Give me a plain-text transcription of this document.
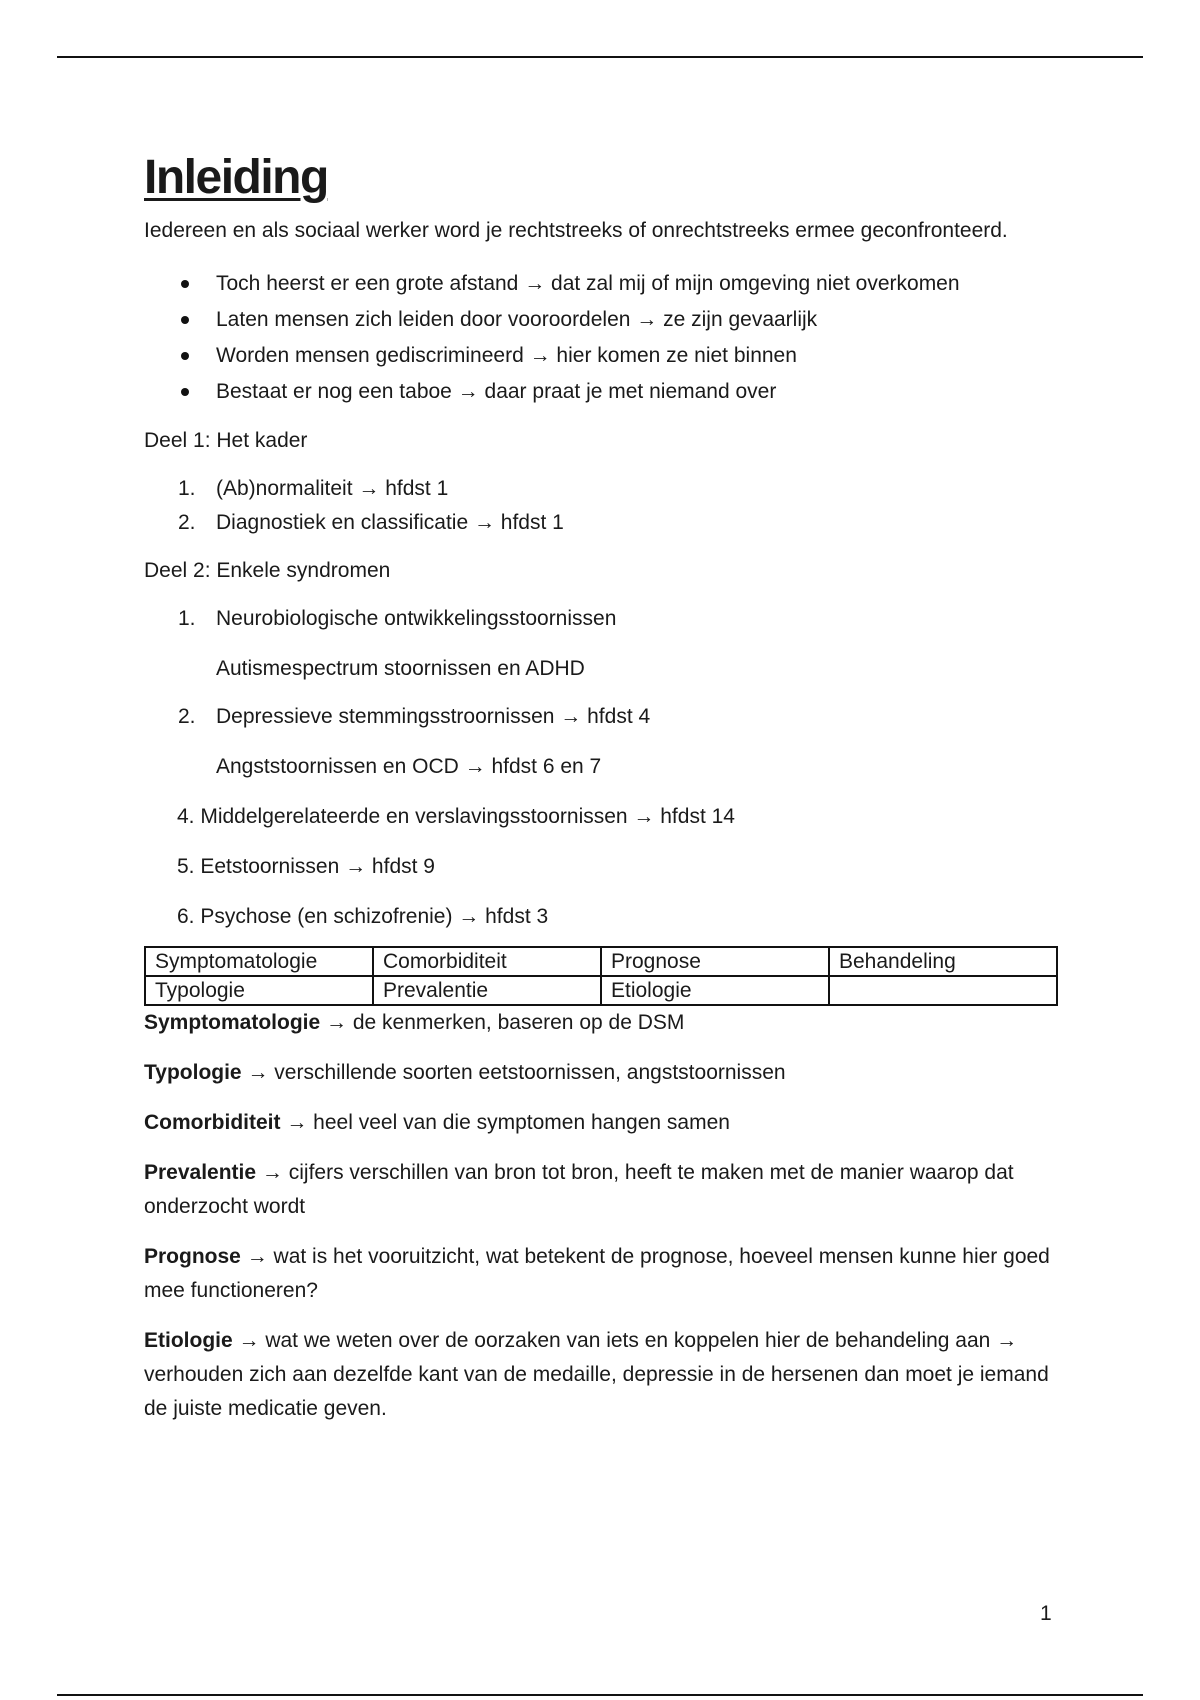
Inleiding

Iedereen en als sociaal werker word je rechtstreeks of onrechtstreeks ermee geconfronteerd.

Toch heerst er een grote afstand → dat zal mij of mijn omgeving niet overkomen
Laten mensen zich leiden door vooroordelen → ze zijn gevaarlijk
Worden mensen gediscrimineerd → hier komen ze niet binnen
Bestaat er nog een taboe → daar praat je met niemand over

Deel 1: Het kader

1. (Ab)normaliteit → hfdst 1
2. Diagnostiek en classificatie → hfdst 1

Deel 2: Enkele syndromen

1. Neurobiologische ontwikkelingsstoornissen

Autismespectrum stoornissen en ADHD

2. Depressieve stemmingsstroornissen → hfdst 4

Angststoornissen en OCD → hfdst 6 en 7

4. Middelgerelateerde en verslavingsstoornissen → hfdst 14

5. Eetstoornissen → hfdst 9

6. Psychose (en schizofrenie) → hfdst 3

Symptomatologie	Comorbiditeit	Prognose	Behandeling
Typologie	Prevalentie	Etiologie	

Symptomatologie → de kenmerken, baseren op de DSM

Typologie → verschillende soorten eetstoornissen, angststoornissen

Comorbiditeit → heel veel van die symptomen hangen samen

Prevalentie → cijfers verschillen van bron tot bron, heeft te maken met de manier waarop dat onderzocht wordt

Prognose → wat is het vooruitzicht, wat betekent de prognose, hoeveel mensen kunne hier goed mee functioneren?

Etiologie → wat we weten over de oorzaken van iets en koppelen hier de behandeling aan → verhouden zich aan dezelfde kant van de medaille, depressie in de hersenen dan moet je iemand de juiste medicatie geven.

1
